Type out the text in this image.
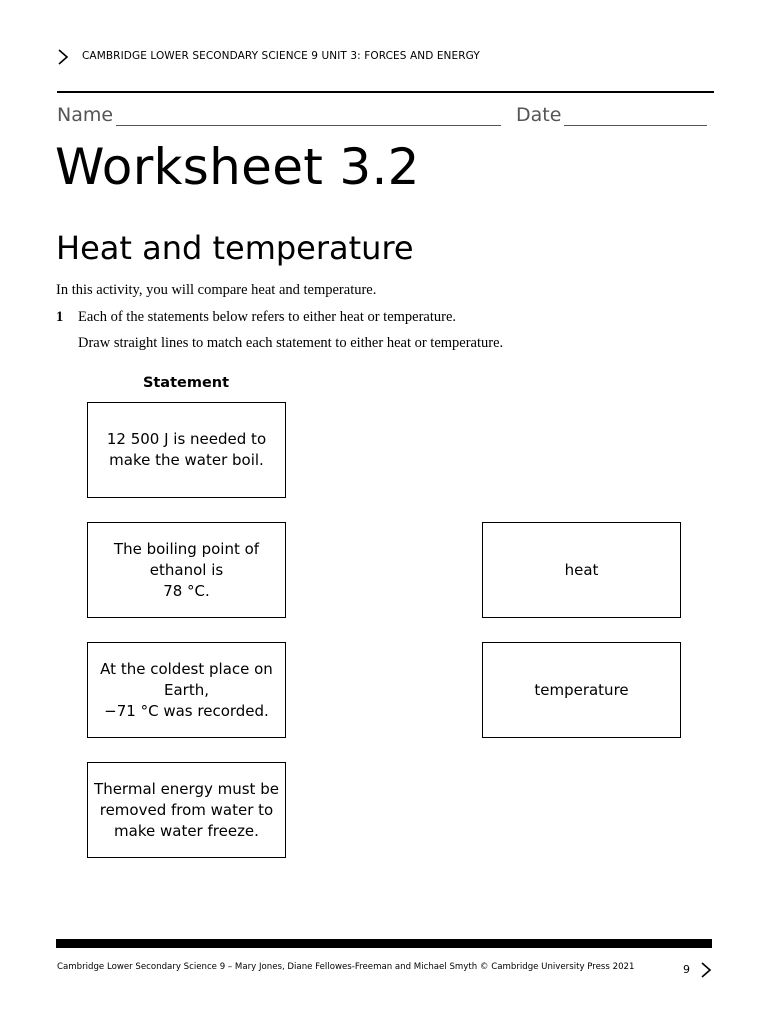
CAMBRIDGE LOWER SECONDARY SCIENCE 9 UNIT 3: FORCES AND ENERGY
Name	Date
Worksheet 3.2
Heat and temperature
In this activity, you will compare heat and temperature.
1 Each of the statements below refers to either heat or temperature.
Draw straight lines to match each statement to either heat or temperature.
Statement
12 500 J is needed to
make the water boil.
The boiling point of
ethanol is
78 °C.
At the coldest place on
Earth,
−71 °C was recorded.
Thermal energy must be
removed from water to
make water freeze.
heat
temperature
Cambridge Lower Secondary Science 9 – Mary Jones, Diane Fellowes-Freeman and Michael Smyth © Cambridge University Press 2021	9
